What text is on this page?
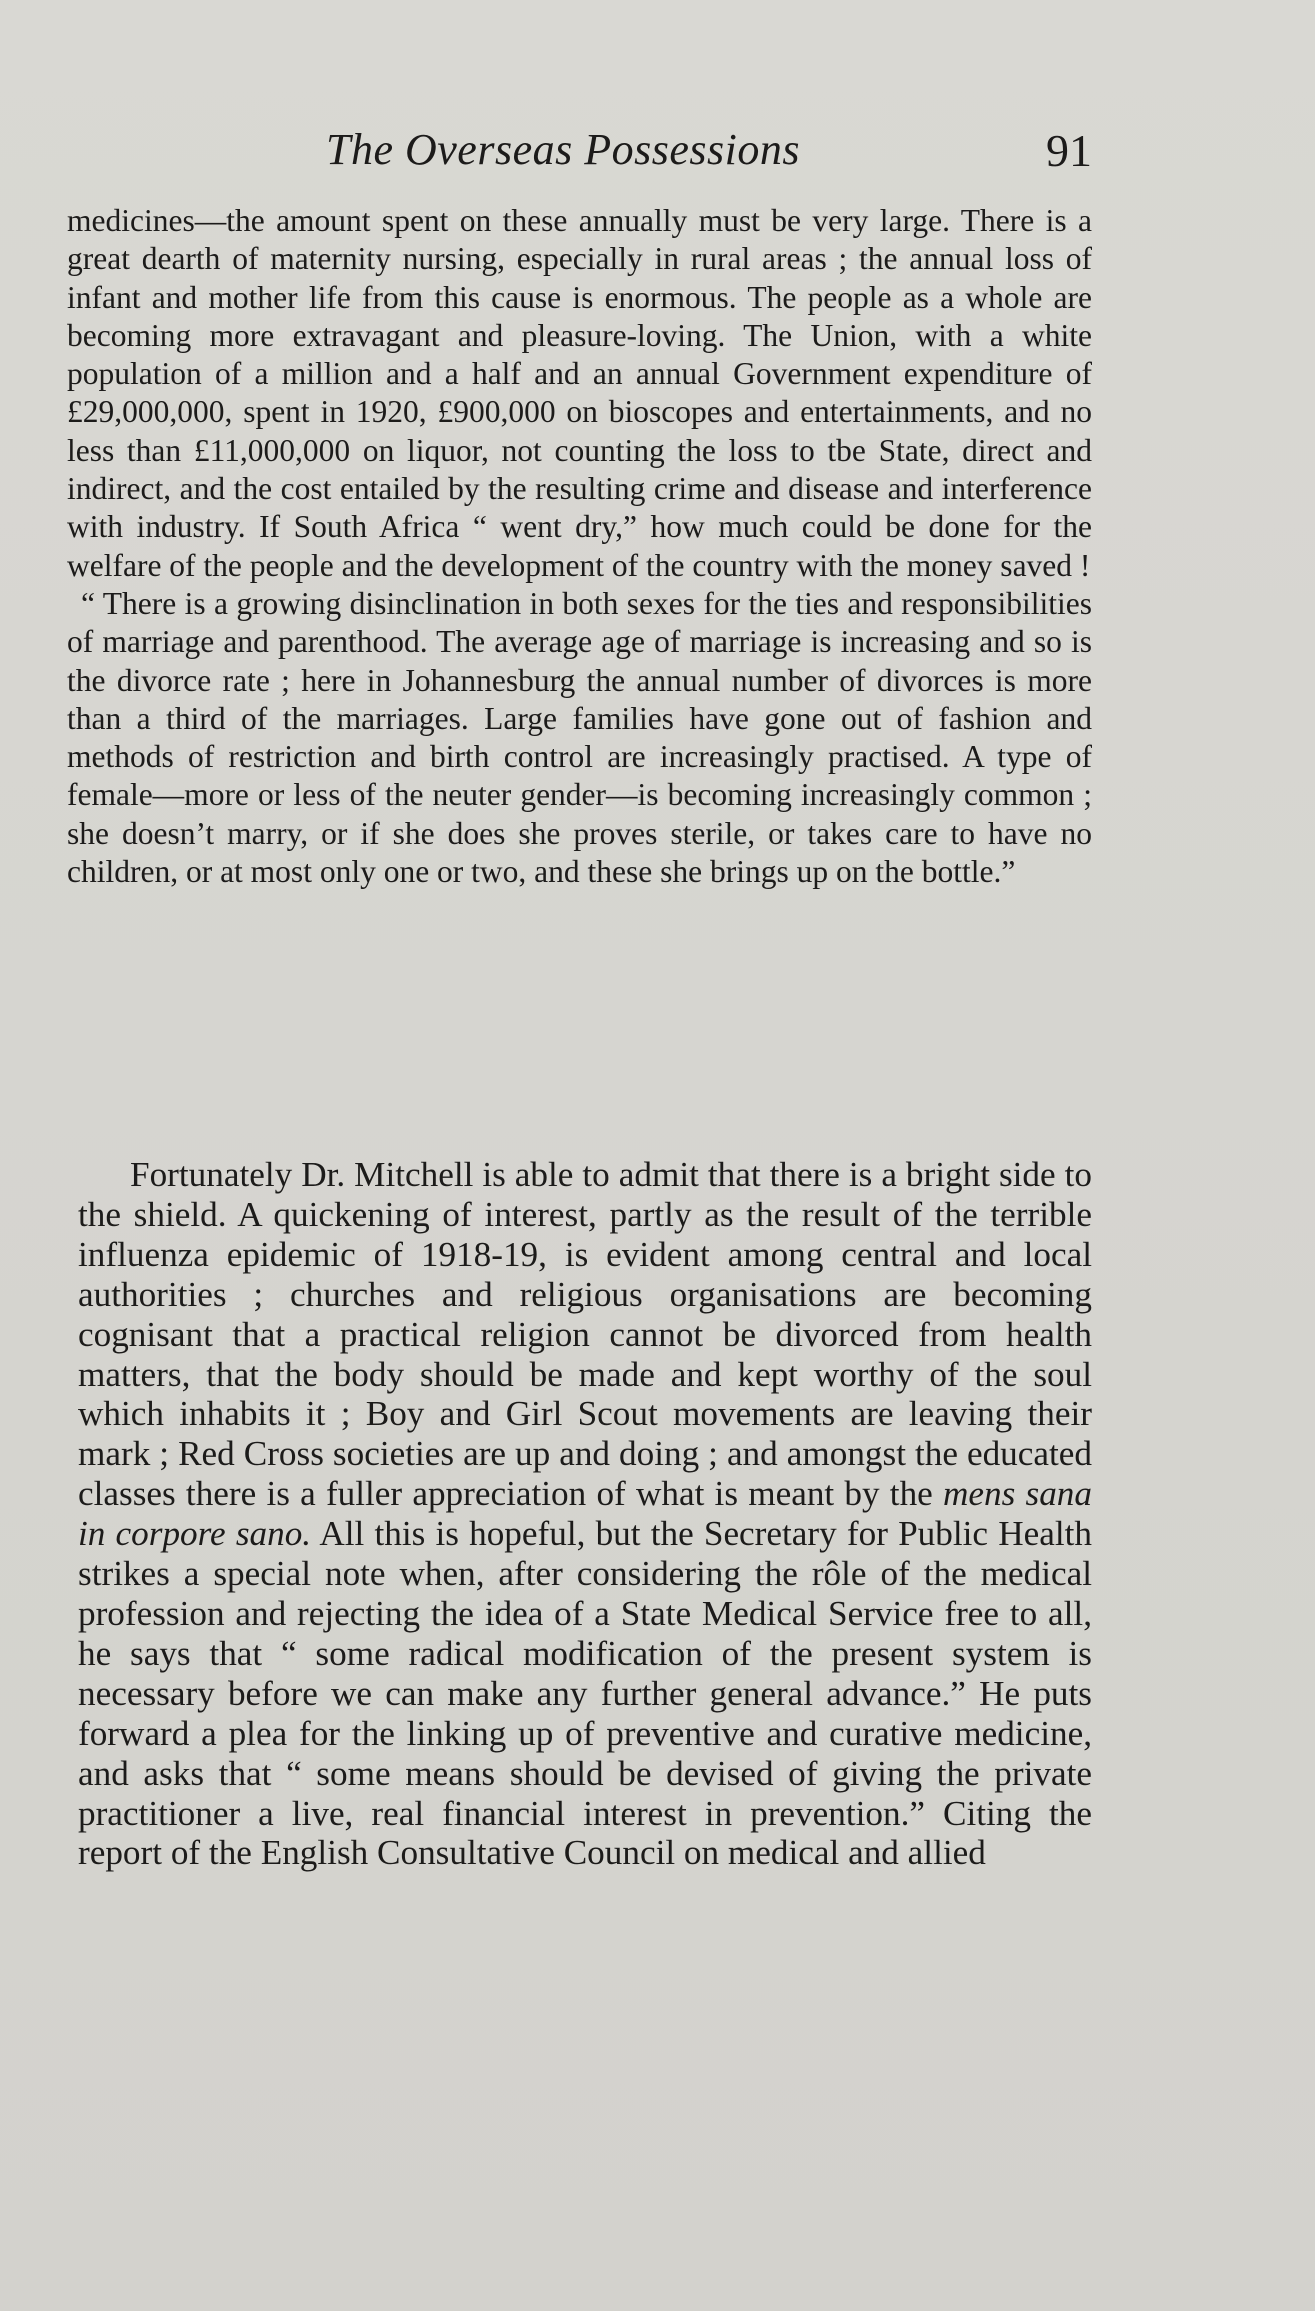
The Overseas Possessions	91

medicines—the amount spent on these annually must be very large. There is a great dearth of maternity nursing, especially in rural areas ; the annual loss of infant and mother life from this cause is enormous. The people as a whole are becoming more extravagant and pleasure-loving. The Union, with a white population of a million and a half and an annual Government expenditure of £29,000,000, spent in 1920, £900,000 on bioscopes and entertainments, and no less than £11,000,000 on liquor, not counting the loss to tbe State, direct and indirect, and the cost entailed by the resulting crime and disease and interference with industry. If South Africa “ went dry,” how much could be done for the welfare of the people and the development of the country with the money saved !

“ There is a growing disinclination in both sexes for the ties and responsibilities of marriage and parenthood. The average age of marriage is increasing and so is the divorce rate ; here in Johannesburg the annual number of divorces is more than a third of the marriages. Large families have gone out of fashion and methods of restriction and birth control are increasingly practised. A type of female—more or less of the neuter gender—is becoming increasingly common ; she doesn’t marry, or if she does she proves sterile, or takes care to have no children, or at most only one or two, and these she brings up on the bottle.”

Fortunately Dr. Mitchell is able to admit that there is a bright side to the shield. A quickening of interest, partly as the result of the terrible influenza epidemic of 1918-19, is evident among central and local authorities ; churches and religious organisations are becoming cognisant that a practical religion cannot be divorced from health matters, that the body should be made and kept worthy of the soul which inhabits it ; Boy and Girl Scout movements are leaving their mark ; Red Cross societies are up and doing ; and amongst the educated classes there is a fuller appreciation of what is meant by the mens sana in corpore sano. All this is hopeful, but the Secretary for Public Health strikes a special note when, after considering the rôle of the medical profession and rejecting the idea of a State Medical Service free to all, he says that “ some radical modification of the present system is necessary before we can make any further general advance.” He puts forward a plea for the linking up of preventive and curative medicine, and asks that “ some means should be devised of giving the private practitioner a live, real financial interest in prevention.” Citing the report of the English Consultative Council on medical and allied
